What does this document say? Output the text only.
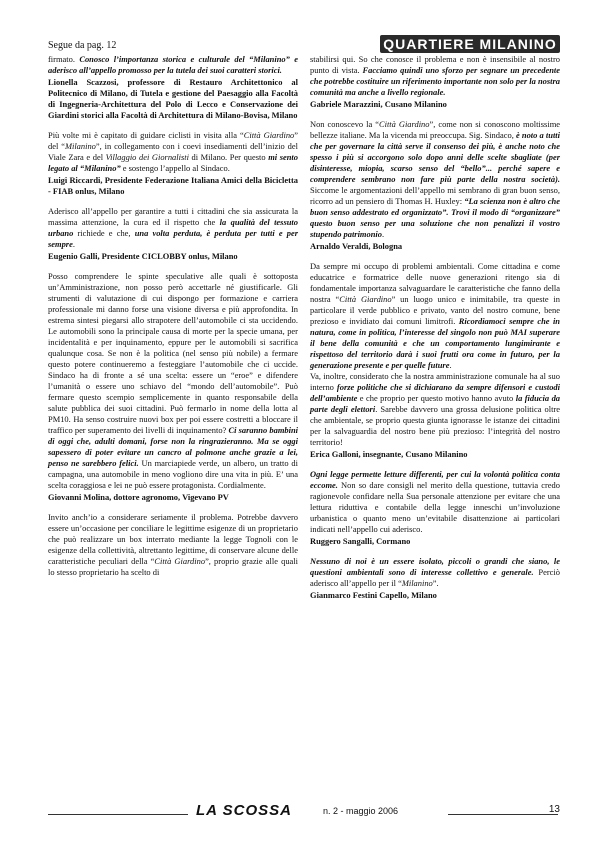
Segue da pag. 12	QUARTIERE MILANINO

firmato. Conosco l’importanza storica e culturale del “Milanino” e aderisco all’appello promosso per la tutela dei suoi caratteri storici.
Lionella Scazzosi, professore di Restauro Architettonico al Politecnico di Milano, di Tutela e gestione del Paesaggio alla Facoltà di Ingegneria-Architettura del Polo di Lecco e Conservazione dei Giardini storici alla Facoltà di Architettura di Milano-Bovisa, Milano

Più volte mi è capitato di guidare ciclisti in visita alla “Città Giardino” del “Milanino”, in collegamento con i coevi insediamenti dell’inizio del Viale Zara e del Villaggio dei Giornalisti di Milano. Per questo mi sento legato al “Milanino” e sostengo l’appello al Sindaco.
Luigi Riccardi, Presidente Federazione Italiana Amici della Bicicletta - FIAB onlus, Milano

Aderisco all’appello per garantire a tutti i cittadini che sia assicurata la massima attenzione, la cura ed il rispetto che la qualità del tessuto urbano richiede e che, una volta perduta, è perduta per tutti e per sempre.
Eugenio Galli, Presidente CICLOBBY onlus, Milano

Posso comprendere le spinte speculative alle quali è sottoposta un’Amministrazione, non posso però accettarle né giustificarle. Gli strumenti di valutazione di cui dispongo per formazione e carriera professionale mi danno forse una visione diversa e più approfondita. In estrema sintesi piegarsi allo strapotere dell’automobile ci sta uccidendo. Le automobili sono la principale causa di morte per la specie umana, per incidentalità e per inquinamento, eppure per le automobili si sacrifica qualunque cosa. Se non è la politica (nel senso più nobile) a fermare questo potere continueremo a festeggiare l’automobile che ci uccide. Sindaco ha di fronte a sé una scelta: essere un “eroe” e difendere l’umanità o essere uno schiavo del “mondo dell’automobile”. Può fermare questo scempio semplicemente in quanto responsabile della salute pubblica dei suoi cittadini. Può fermarlo in nome della lotta al PM10. Ha senso costruire nuovi box per poi essere costretti a bloccare il traffico per superamento dei livelli di inquinamento? Ci saranno bambini di oggi che, adulti domani, forse non la ringrazieranno. Ma se oggi sapessero di poter evitare un cancro al polmone anche grazie a lei, penso ne sarebbero felici. Un marciapiede verde, un albero, un tratto di campagna, una automobile in meno vogliono dire una vita in più. E’ una scelta coraggiosa e lei ne può essere protagonista. Cordialmente.
Giovanni Molina, dottore agronomo, Vigevano PV

Invito anch’io a considerare seriamente il problema. Potrebbe davvero essere un’occasione per conciliare le legittime esigenze di un proprietario che può realizzare un box interrato mediante la legge Tognoli con le esigenze della collettività, altrettanto legittime, di conservare alcune delle caratteristiche peculiari della “Città Giardino”, proprio grazie alle quali lo stesso proprietario ha scelto di

stabilirsi qui. So che conosce il problema e non è insensibile al nostro punto di vista. Facciamo quindi uno sforzo per segnare un precedente che potrebbe costituire un riferimento importante non solo per la nostra comunità ma anche a livello regionale.
Gabriele Marazzini, Cusano Milanino

Non conoscevo la “Città Giardino”, come non si conoscono moltissime bellezze italiane. Ma la vicenda mi preoccupa. Sig. Sindaco, è noto a tutti che per governare la città serve il consenso dei più, è anche noto che spesso i più si accorgono solo dopo anni delle scelte sbagliate (per disinteresse, miopia, scarso senso del “bello”... perché sapere e comprendere sembrano non fare più parte della nostra società). Siccome le argomentazioni dell’appello mi sembrano di gran buon senso, ricorro ad un pensiero di Thomas H. Huxley: “La scienza non è altro che buon senso addestrato ed organizzato”. Trovi il modo di “organizzare” questo buon senso per una soluzione che non penalizzi il vostro stupendo patrimonio.
Arnaldo Veraldi, Bologna

Da sempre mi occupo di problemi ambientali. Come cittadina e come educatrice e formatrice delle nuove generazioni ritengo sia di fondamentale importanza salvaguardare le caratteristiche che fanno della nostra “Città Giardino” un luogo unico e inimitabile, tra queste in particolare il verde pubblico e privato, vanto del nostro comune, bene prezioso e invidiato dai comuni limitrofi. Ricordiamoci sempre che in natura, come in politica, l’interesse del singolo non può MAI superare il bene della comunità e che un comportamento lungimirante e rispettoso del territorio darà i suoi frutti ora come in futuro, per la generazione presente e per quelle future.

Va, inoltre, considerato che la nostra amministrazione comunale ha al suo interno forze politiche che si dichiarano da sempre difensori e custodi dell’ambiente e che proprio per questo motivo hanno avuto la fiducia da parte degli elettori. Sarebbe davvero una grossa delusione politica oltre che ambientale, se proprio questa giunta ignorasse le istanze dei cittadini per la salvaguardia del nostro bene più prezioso: l’integrità del nostro territorio!
Erica Galloni, insegnante, Cusano Milanino

Ogni legge permette letture differenti, per cui la volontà politica conta eccome. Non so dare consigli nel merito della questione, tuttavia credo ragionevole confidare nella Sua personale attenzione per evitare che una lettura riduttiva e contabile della legge inneschi un’involuzione urbanistica o quanto meno un’evitabile disattenzione ai particolari indicati nell’appello cui aderisco.
Ruggero Sangalli, Cormano

Nessuno di noi è un essere isolato, piccoli o grandi che siano, le questioni ambientali sono di interesse collettivo e generale. Perciò aderisco all’appello per il “Milanino”.
Gianmarco Festini Capello, Milano

LA SCOSSA	n. 2 - maggio 2006	13
